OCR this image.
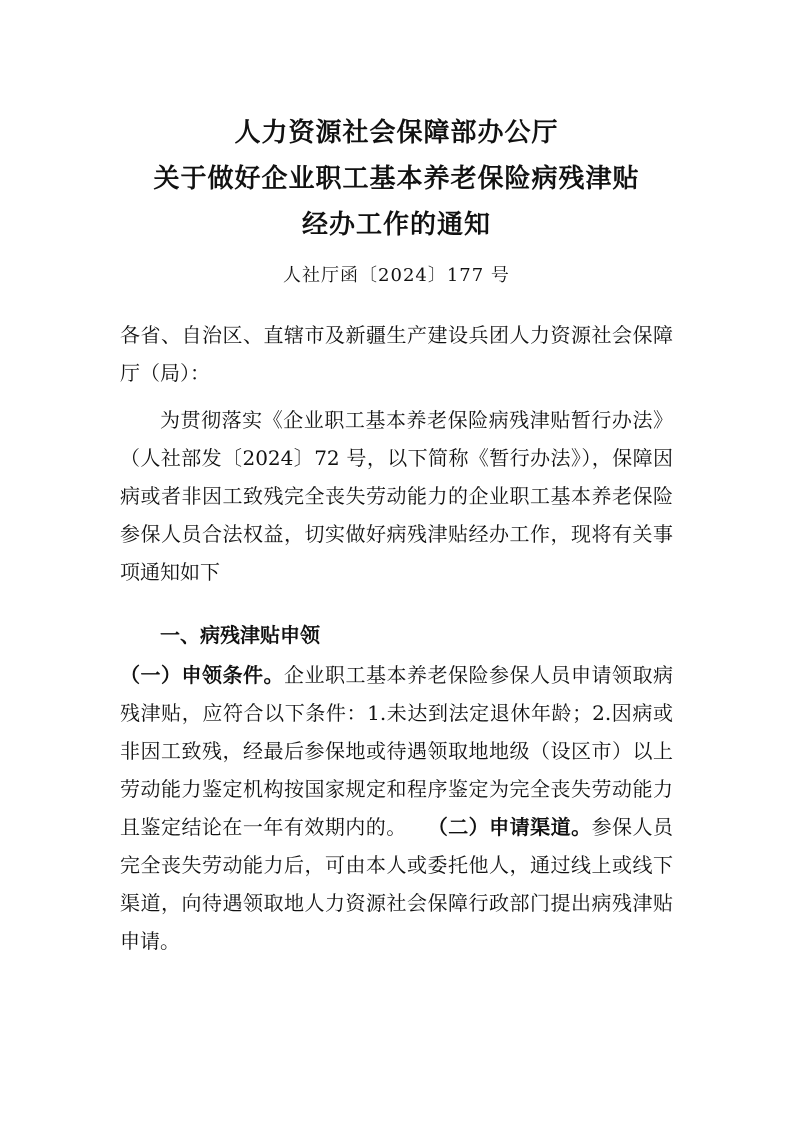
人力资源社会保障部办公厅
关于做好企业职工基本养老保险病残津贴
经办工作的通知
人社厅函〔2024〕177 号
各省、自治区、直辖市及新疆生产建设兵团人力资源社会保障厅（局）：
为贯彻落实《企业职工基本养老保险病残津贴暂行办法》（人社部发〔2024〕72 号，以下简称《暂行办法》），保障因病或者非因工致残完全丧失劳动能力的企业职工基本养老保险参保人员合法权益，切实做好病残津贴经办工作，现将有关事项通知如下
一、病残津贴申领
（一）申领条件。企业职工基本养老保险参保人员申请领取病残津贴，应符合以下条件：1.未达到法定退休年龄；2.因病或非因工致残，经最后参保地或待遇领取地地级（设区市）以上劳动能力鉴定机构按国家规定和程序鉴定为完全丧失劳动能力且鉴定结论在一年有效期内的。　　 （二）申请渠道。参保人员完全丧失劳动能力后，可由本人或委托他人，通过线上或线下渠道，向待遇领取地人力资源社会保障行政部门提出病残津贴申请。
